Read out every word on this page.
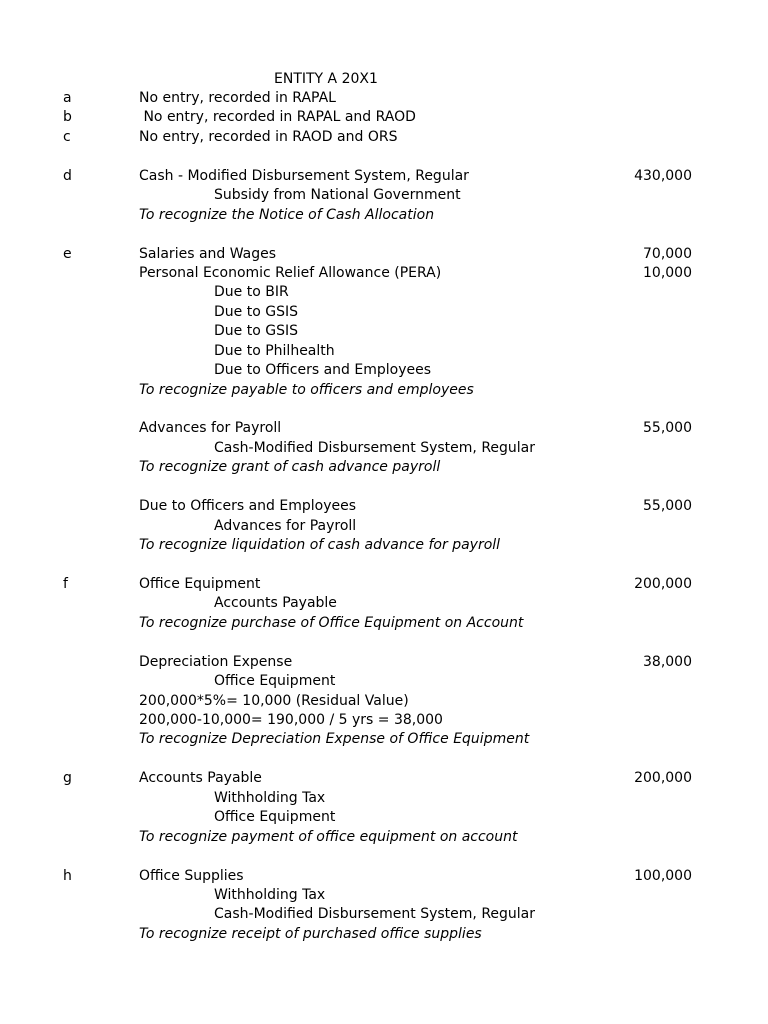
ENTITY A 20X1
a	No entry, recorded in RAPAL
b	No entry, recorded in RAPAL and RAOD
c	No entry, recorded in RAOD and ORS
d	Cash - Modified Disbursement System, Regular	430,000
Subsidy from National Government
To recognize the Notice of Cash Allocation
e	Salaries and Wages	70,000
Personal Economic Relief Allowance (PERA)	10,000
Due to BIR
Due to GSIS
Due to GSIS
Due to Philhealth
Due to Officers and Employees
To recognize payable to officers and employees
Advances for Payroll	55,000
Cash-Modified Disbursement System, Regular
To recognize grant of cash advance payroll
Due to Officers and Employees	55,000
Advances for Payroll
To recognize liquidation of cash advance for payroll
f	Office Equipment	200,000
Accounts Payable
To recognize purchase of Office Equipment on Account
Depreciation Expense	38,000
Office Equipment
200,000*5%= 10,000 (Residual Value)
200,000-10,000= 190,000 / 5 yrs = 38,000
To recognize Depreciation Expense of Office Equipment
g	Accounts Payable	200,000
Withholding Tax
Office Equipment
To recognize payment of office equipment on account
h	Office Supplies	100,000
Withholding Tax
Cash-Modified Disbursement System, Regular
To recognize receipt of purchased office supplies
